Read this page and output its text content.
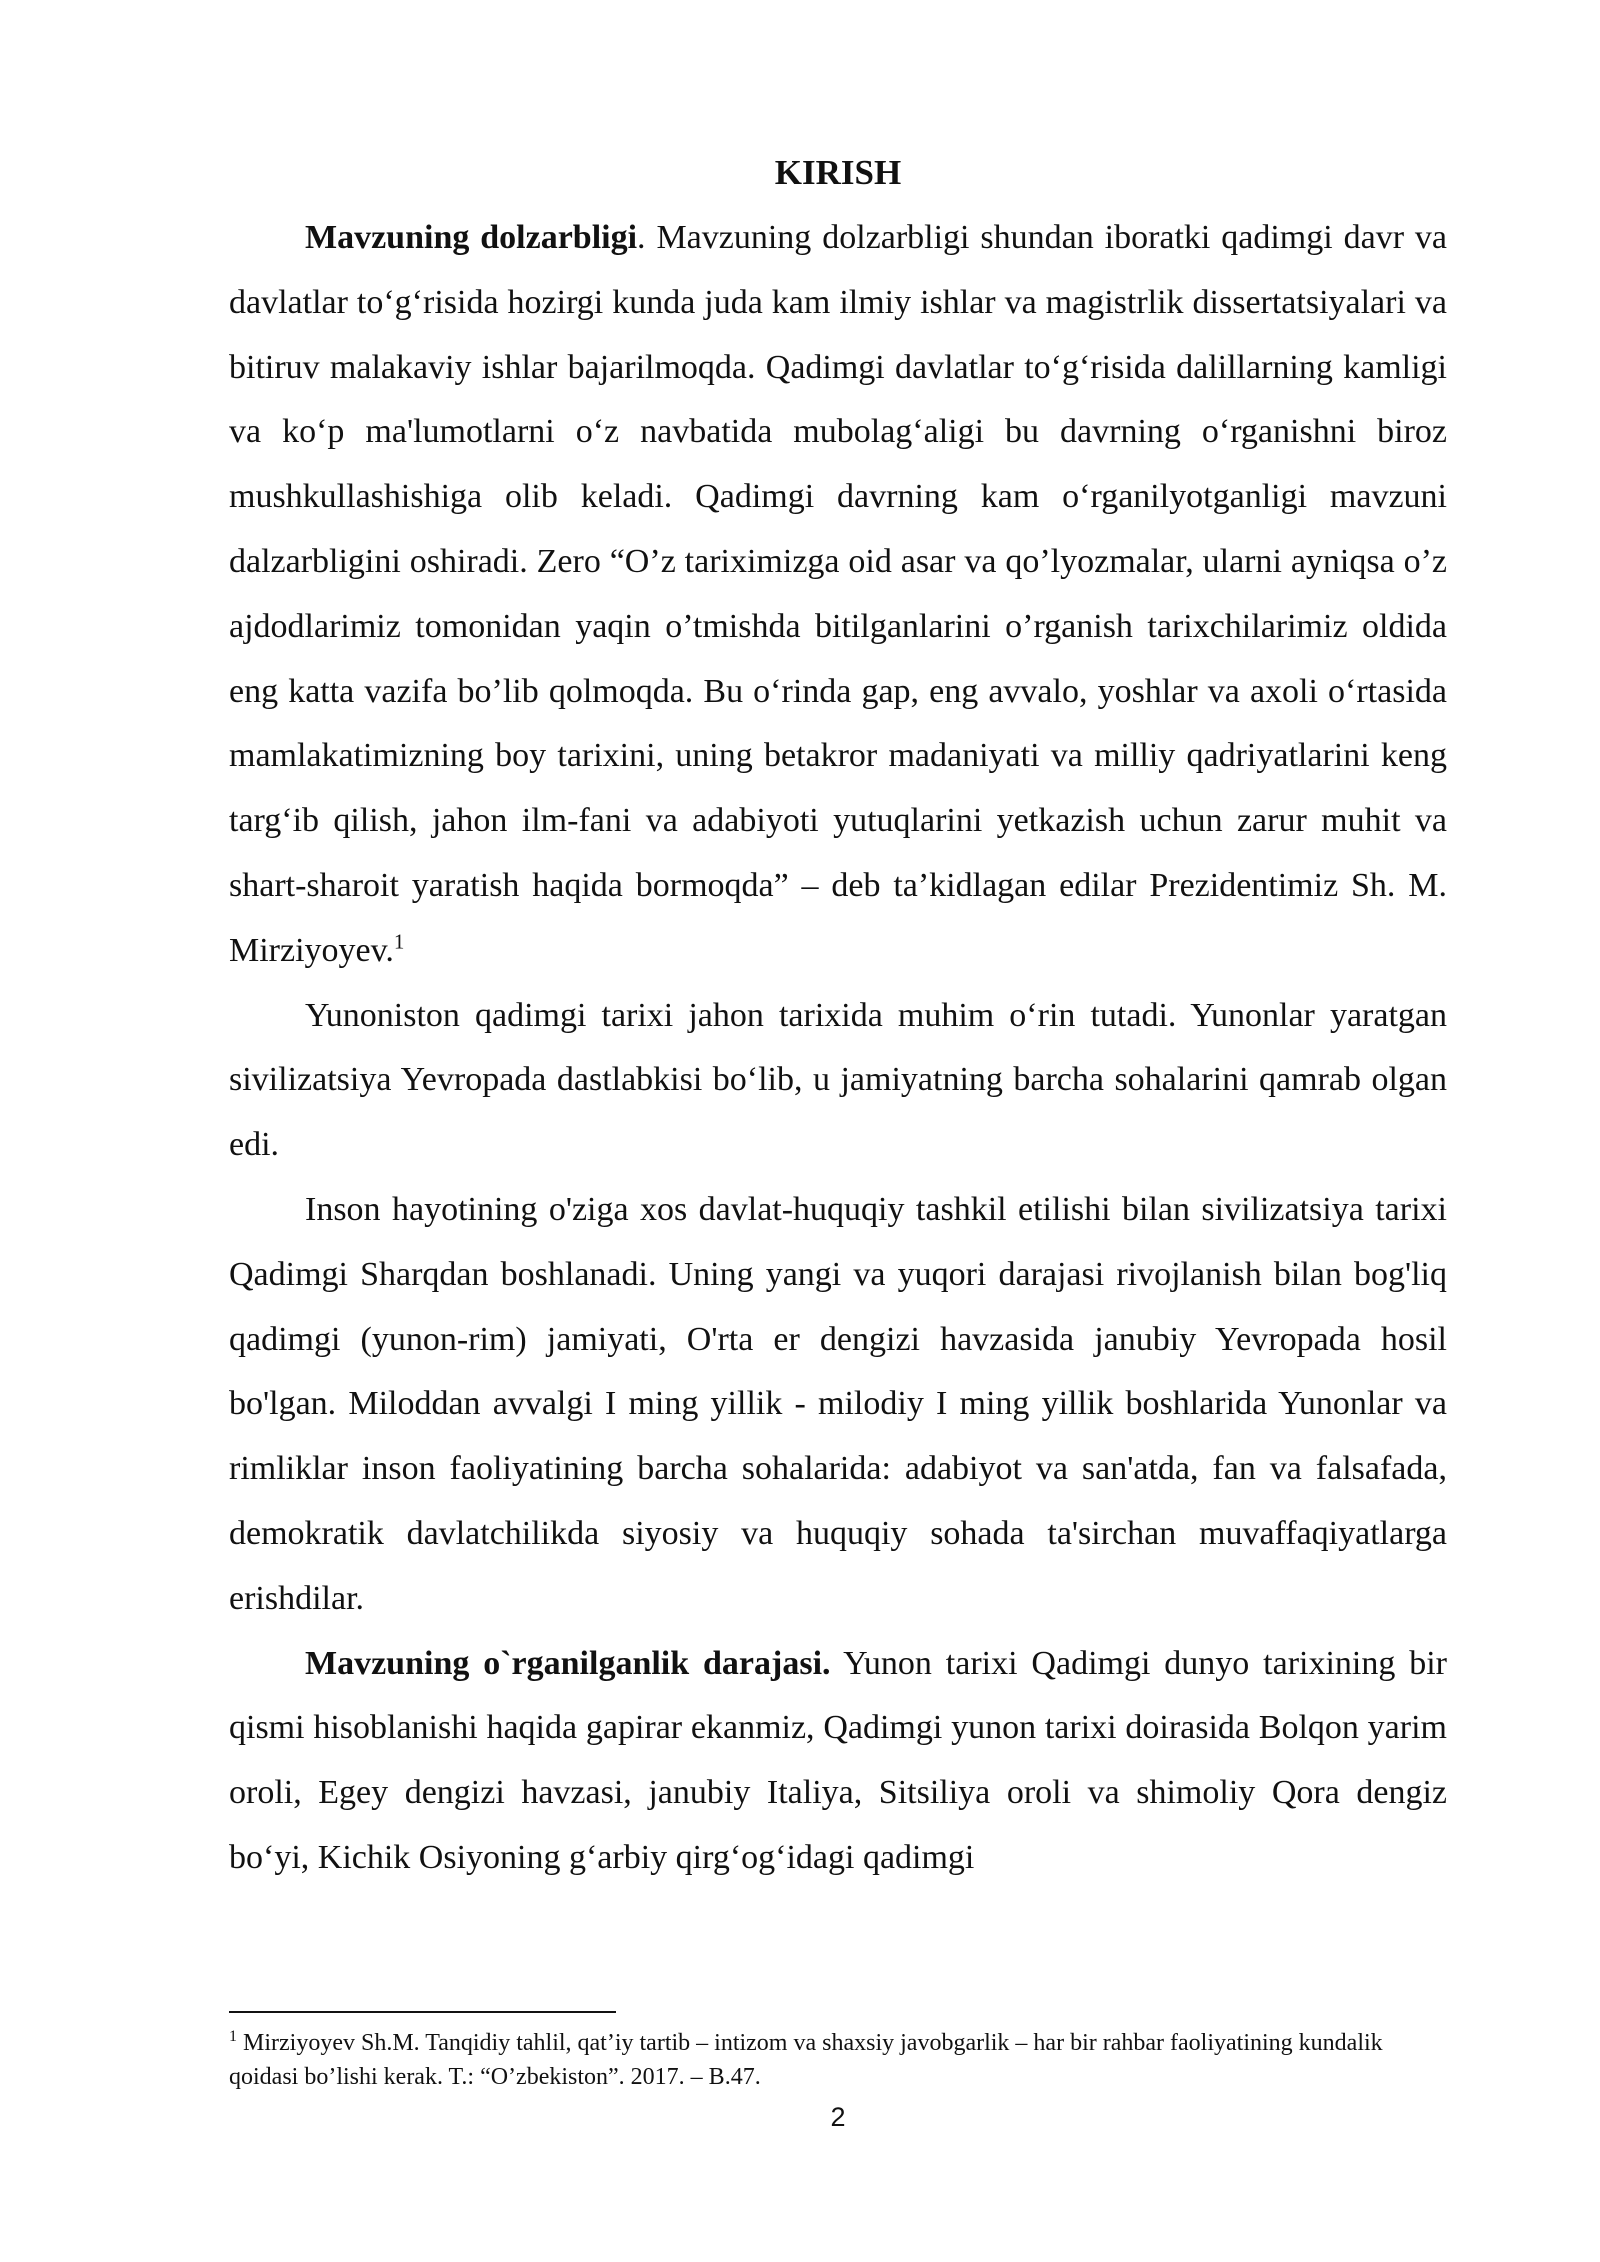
KIRISH

Mavzuning dolzarbligi. Mavzuning dolzarbligi shundan iboratki qadimgi davr va davlatlar to‘g‘risida hozirgi kunda juda kam ilmiy ishlar va magistrlik dissertatsiyalari va bitiruv malakaviy ishlar bajarilmoqda. Qadimgi davlatlar to‘g‘risida dalillarning kamligi va ko‘p ma'lumotlarni o‘z navbatida mubolag‘aligi bu davrning o‘rganishni biroz mushkullashishiga olib keladi. Qadimgi davrning kam o‘rganilyotganligi mavzuni dalzarbligini oshiradi. Zero “O’z tariximizga oid asar va qo’lyozmalar, ularni ayniqsa o’z ajdodlarimiz tomonidan yaqin o’tmishda bitilganlarini o’rganish tarixchilarimiz oldida eng katta vazifa bo’lib qolmoqda. Bu o‘rinda gap, eng avvalo, yoshlar va axoli o‘rtasida mamlakatimizning boy tarixini, uning betakror madaniyati va milliy qadriyatlarini keng targ‘ib qilish, jahon ilm-fani va adabiyoti yutuqlarini yetkazish uchun zarur muhit va shart-sharoit yaratish haqida bormoqda” – deb ta’kidlagan edilar Prezidentimiz Sh. M. Mirziyoyev.$^1$

Yunoniston qadimgi tarixi jahon tarixida muhim o‘rin tutadi. Yunonlar yaratgan sivilizatsiya Yevropada dastlabkisi bo‘lib, u jamiyatning barcha sohalarini qamrab olgan edi.

Inson hayotining o'ziga xos davlat-huquqiy tashkil etilishi bilan sivilizatsiya tarixi Qadimgi Sharqdan boshlanadi. Uning yangi va yuqori darajasi rivojlanish bilan bog'liq qadimgi (yunon-rim) jamiyati, O'rta er dengizi havzasida janubiy Yevropada hosil bo'lgan. Miloddan avvalgi I ming yillik - milodiy I ming yillik boshlarida Yunonlar va rimliklar inson faoliyatining barcha sohalarida: adabiyot va san'atda, fan va falsafada, demokratik davlatchilikda siyosiy va huquqiy sohada ta'sirchan muvaffaqiyatlarga erishdilar.

Mavzuning o`rganilganlik darajasi. Yunon tarixi Qadimgi dunyo tarixining bir qismi hisoblanishi haqida gapirar ekanmiz, Qadimgi yunon tarixi doirasida Bolqon yarim oroli, Egey dengizi havzasi, janubiy Italiya, Sitsiliya oroli va shimoliy Qora dengiz bo‘yi, Kichik Osiyoning g‘arbiy qirg‘og‘idagi qadimgi

$^1$ Mirziyoyev Sh.M. Tanqidiy tahlil, qat’iy tartib – intizom va shaxsiy javobgarlik – har bir rahbar faoliyatining kundalik qoidasi bo’lishi kerak. T.: “O’zbekiston”. 2017. – B.47.

2
